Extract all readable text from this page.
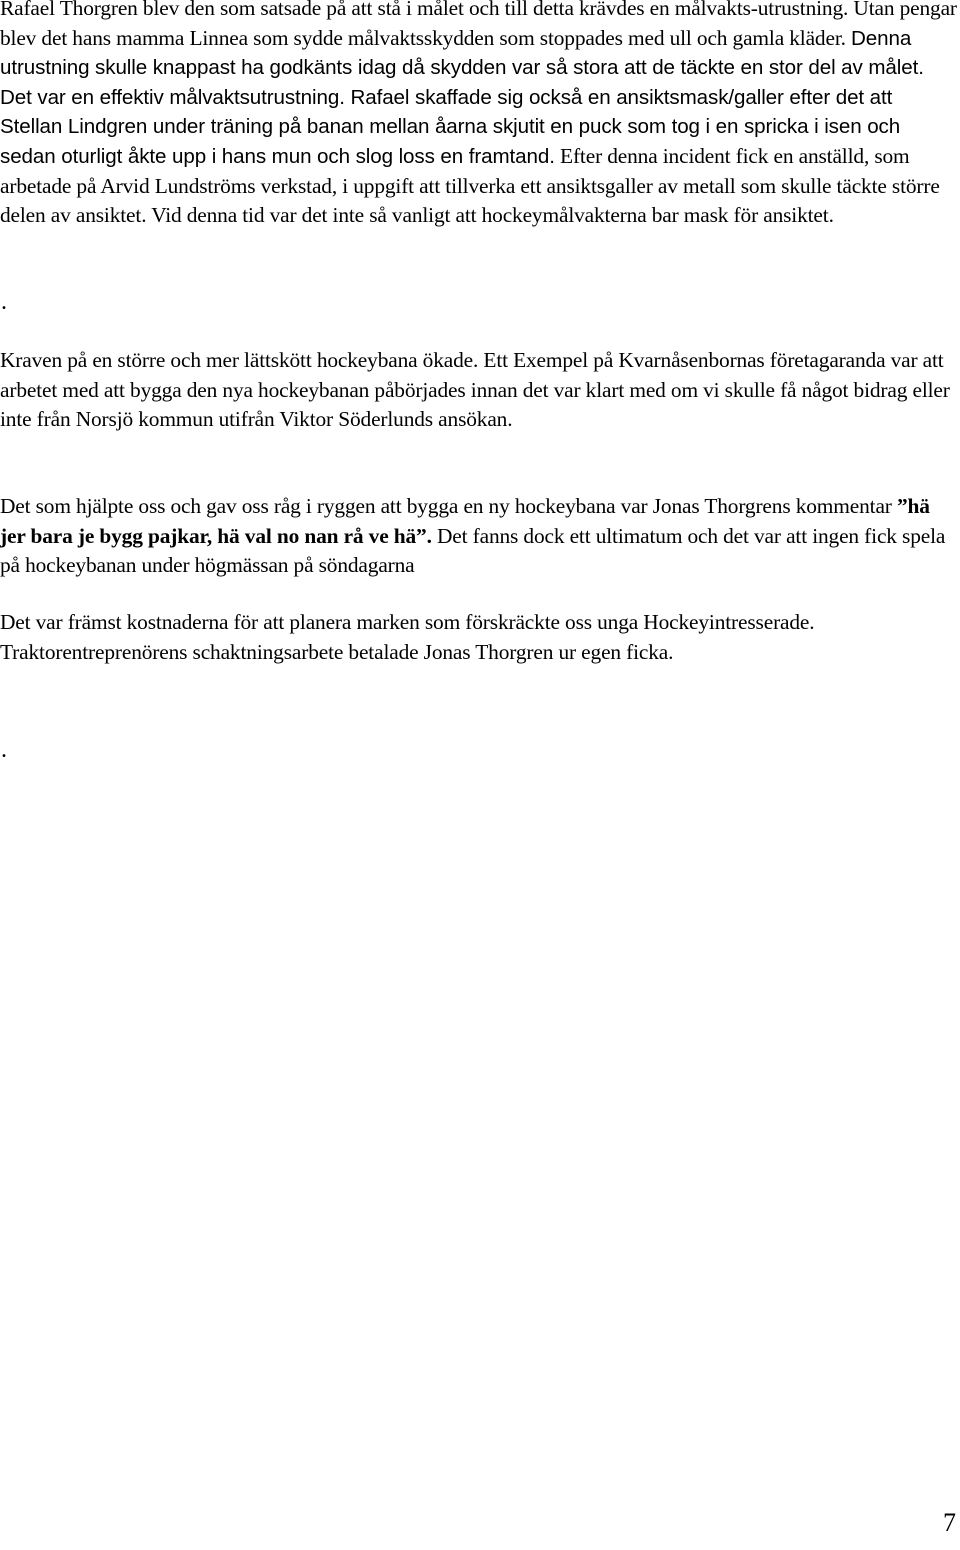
Rafael Thorgren blev den som satsade på att stå i målet och till detta krävdes en målvakts-utrustning. Utan pengar blev det hans mamma Linnea som sydde målvaktsskydden som stoppades med ull och gamla kläder. Denna utrustning skulle knappast ha godkänts idag då skydden var så stora att de täckte en stor del av målet. Det var en effektiv målvaktsutrustning. Rafael skaffade sig också en ansiktsmask/galler efter det att Stellan Lindgren under träning på banan mellan åarna skjutit en puck som tog i en spricka i isen och sedan oturligt åkte upp i hans mun och slog loss en framtand. Efter denna incident fick en anställd, som arbetade på Arvid Lundströms verkstad, i uppgift att tillverka ett ansiktsgaller av metall som skulle täckte större delen av ansiktet. Vid denna tid var det inte så vanligt att hockeymålvakterna bar mask för ansiktet.

.

Kraven på en större och mer lättskött hockeybana ökade. Ett Exempel på Kvarnåsenbornas företagaranda var att arbetet med att bygga den nya hockeybanan påbörjades innan det var klart med om vi skulle få något bidrag eller inte från Norsjö kommun utifrån Viktor Söderlunds ansökan.

Det som hjälpte oss och gav oss råg i ryggen att bygga en ny hockeybana var Jonas Thorgrens kommentar ”hä jer bara je bygg pajkar, hä val no nan rå ve hä”. Det fanns dock ett ultimatum och det var att ingen fick spela på hockeybanan under högmässan på söndagarna

Det var främst kostnaderna för att planera marken som förskräckte oss unga Hockeyintresserade. Traktorentreprenörens schaktningsarbete betalade Jonas Thorgren ur egen ficka.

.
7
